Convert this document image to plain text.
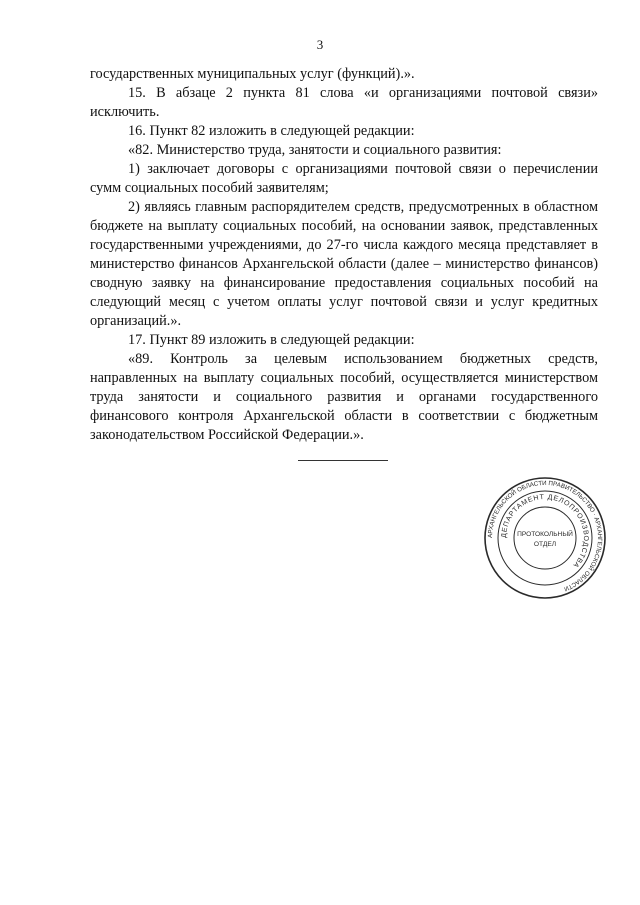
3

государственных муниципальных услуг (функций).».

15. В абзаце 2 пункта 81 слова «и организациями почтовой связи» исключить.

16. Пункт 82 изложить в следующей редакции:

«82. Министерство труда, занятости и социального развития:

1) заключает договоры с организациями почтовой связи о перечислении сумм социальных пособий заявителям;

2) являясь главным распорядителем средств, предусмотренных в областном бюджете на выплату социальных пособий, на основании заявок, представленных государственными учреждениями, до 27-го числа каждого месяца представляет в министерство финансов Архангельской области (далее – министерство финансов) сводную заявку на финансирование предоставления социальных пособий на следующий месяц с учетом оплаты услуг почтовой связи и услуг кредитных организаций.».

17. Пункт 89 изложить в следующей редакции:

«89. Контроль за целевым использованием бюджетных средств, направленных на выплату социальных пособий, осуществляется министерством труда занятости и социального развития и органами государственного финансового контроля Архангельской области в соответствии с бюджетным законодательством Российской Федерации.».

АРХАНГЕЛЬСКОЙ ОБЛАСТИ ПРАВИТЕЛЬСТВО · АРХАНГЕЛЬСКОЙ ОБЛАСТИ
ДЕПАРТАМЕНТ ДЕЛОПРОИЗВОДСТВА
ПРОТОКОЛЬНЫЙ
ОТДЕЛ
